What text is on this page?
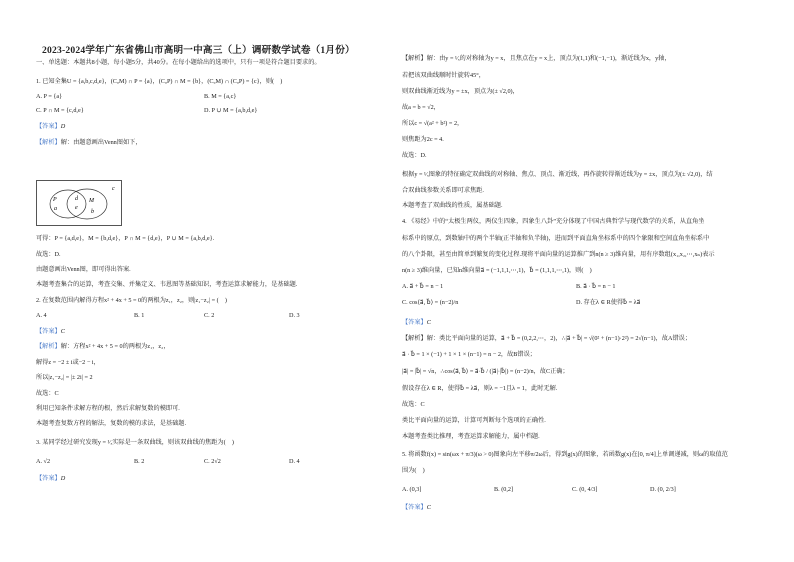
2023-2024学年广东省佛山市高明一中高三（上）调研数学试卷（1月份）
一、单选题：本题共8小题，每小题5分，共40分。在每小题给出的选项中，只有一项是符合题目要求的。
1. 已知全集U = {a,b,c,d,e}，(CᵤM) ∩ P = {a}，(CᵤP) ∩ M = {b}，(CᵤM) ∩ (CᵤP) = {c}，则(　)
A. P = {a}	B. M = {a,c}
C. P ∩ M = {c,d,e}	D. P ∪ M = {a,b,d,e}
【答案】D
【解析】解：由题意画出Venn图如下，
P
a
d
e
M
b
c
可得：P = {a,d,e}，M = {b,d,e}，P ∩ M = {d,e}，P ∪ M = {a,b,d,e}.
故选：D.
由题意画出Venn图，即可得出答案.
本题考查集合的运算，考查交集、并集定义、韦恩图等基础知识，考查运算求解能力，是基础题.
2. 在复数范围内解得方程x² + 4x + 5 = 0的两根为z₁，z₂，则|z₁−z₂| = (　)
A. 4	B. 1	C. 2	D. 3
【答案】C
【解析】解：方程x² + 4x + 5 = 0的两根为z₁，z₂，
解得z = −2 ± i或−2 − i，
所以|z₁−z₂| = |± 2i| = 2
故选：C
利用已知条件求解方程的根，然后求解复数的模即可.
本题考查复数方程的解法，复数的模的求法，是基础题.
3. 某同学经过研究发现y = ¹⁄ₓ实际是一条双曲线，则该双曲线的焦距为(　)
A. √2	B. 2	C. 2√2	D. 4
【答案】D
【解析】解：由y = ¹⁄ₓ的对称轴为y = x，且焦点在y = x上，顶点为(1,1)和(−1,−1)，渐近线为x，y轴，
若把该双曲线顺时针旋转45°，
则双曲线渐近线为y = ±x，顶点为(± √2,0)，
故a = b = √2，
所以c = √(a² + b²) = 2，
则焦距为2c = 4.
故选：D.
根据y = ¹⁄ₓ图象的特征确定双曲线的对称轴、焦点、顶点、渐近线，再作旋转得渐近线为y = ±x，顶点为(± √2,0)，结
合双曲线参数关系即可求焦距.
本题考查了双曲线的性质，属基础题.
4. 《易经》中的“太极生两仪，两仪生四象，四象生八卦”充分体现了中国古典哲学与现代数学的关系，从直角坐
标系中的原点，到数轴中的两个半轴(正半轴和负半轴)，进而到平面直角坐标系中的四个象限和空间直角坐标系中
的八个卦限，甚至由简单到繁复的变化过程.现将平面向量的运算推广到n(n ≥ 3)维向量，用有序数组(x₁,x₂,⋯,xₙ)表示
n(n ≥ 3)维向量，已知n维向量a⃗ = (−1,1,1,⋯,1)，b⃗ = (1,1,1,⋯,1)，则(　)
A. a⃗ + b⃗ = n − 1	B. a⃗ · b⃗ = n − 1
C. cos⟨a⃗, b⃗⟩ = (n−2)/n	D. 存在λ ∈ R使得b⃗ = λa⃗
【答案】C
【解析】解：类比平面向量的运算，a⃗ + b⃗ = (0,2,2,⋯，2)，∴|a⃗ + b⃗| = √(0² + (n−1)·2²) = 2√(n−1)，故A错误；
a⃗ · b⃗ = 1 × (−1) + 1 × 1 × (n−1) = n − 2，故B错误；
|a⃗| = |b⃗| = √n，∴cos⟨a⃗, b⃗⟩ = a⃗·b⃗ / (|a⃗|·|b⃗|) = (n−2)/n，故C正确；
假设存在λ ∈ R，使得b⃗ = λa⃗，则λ = −1且λ = 1，此时无解.
故选：C
类比平面向量的运算，计算可判断每个选项的正确性.
本题考查类比推理，考查运算求解能力，属中档题.
5. 将函数f(x) = sin(ωx + π/3)(ω > 0)图象向左平移π/2ω后，得到g(x)的图象，若函数g(x)在[0, π/4]上单调递减，则ω的取值范
围为(　)
A. (0,3]	B. (0,2]	C. (0, 4/3]	D. (0, 2/3]
【答案】C
